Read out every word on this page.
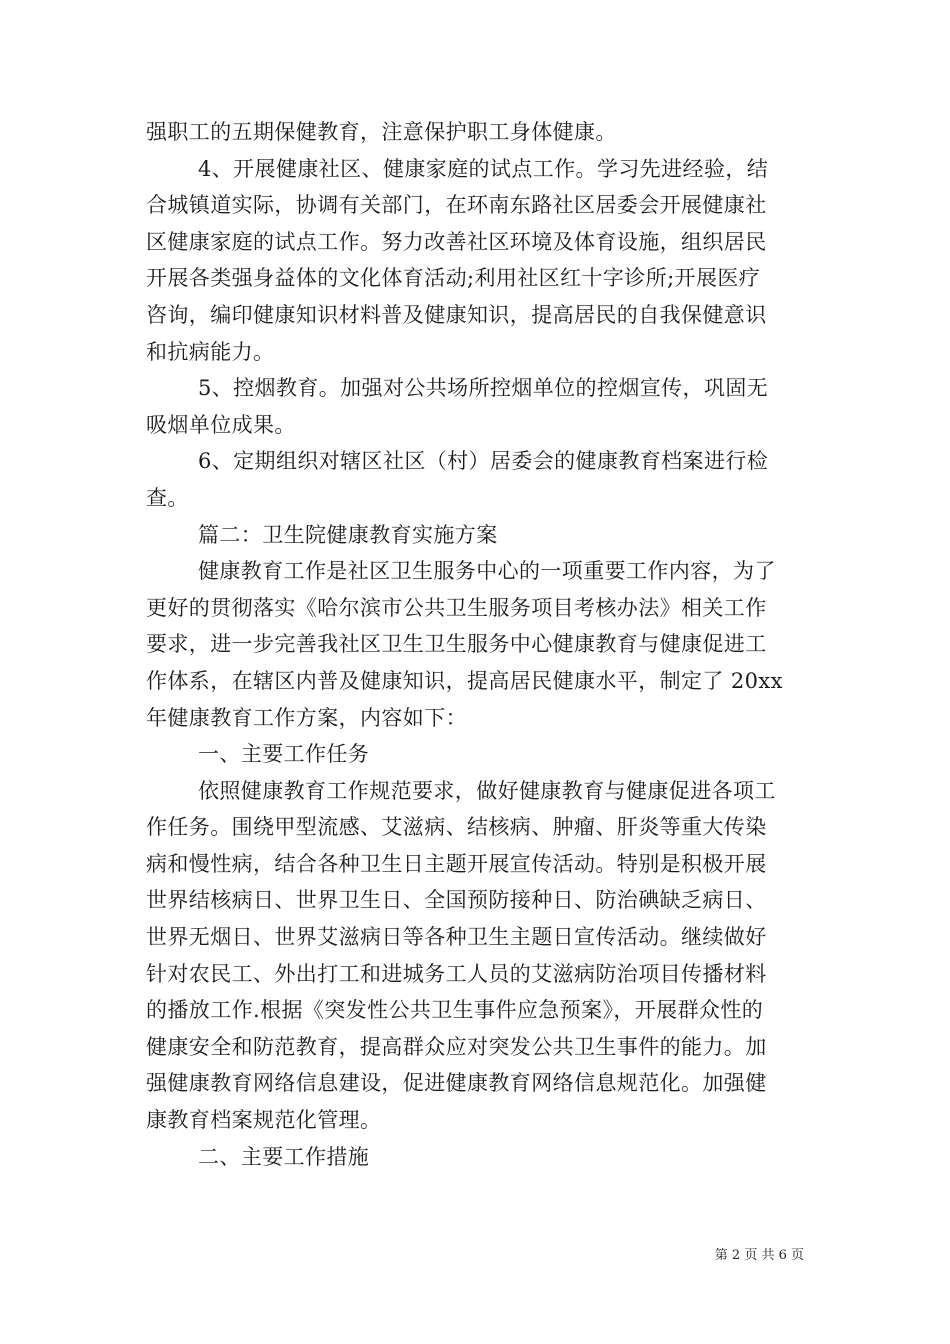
强职工的五期保健教育，注意保护职工身体健康。
4、开展健康社区、健康家庭的试点工作。学习先进经验，结
合城镇道实际，协调有关部门，在环南东路社区居委会开展健康社
区健康家庭的试点工作。努力改善社区环境及体育设施，组织居民
开展各类强身益体的文化体育活动;利用社区红十字诊所;开展医疗
咨询，编印健康知识材料普及健康知识，提高居民的自我保健意识
和抗病能力。
5、控烟教育。加强对公共场所控烟单位的控烟宣传，巩固无
吸烟单位成果。
6、定期组织对辖区社区（村）居委会的健康教育档案进行检
查。
篇二：卫生院健康教育实施方案
健康教育工作是社区卫生服务中心的一项重要工作内容，为了
更好的贯彻落实《哈尔滨市公共卫生服务项目考核办法》相关工作
要求，进一步完善我社区卫生卫生服务中心健康教育与健康促进工
作体系，在辖区内普及健康知识，提高居民健康水平，制定了 20xx
年健康教育工作方案，内容如下：
一、主要工作任务
依照健康教育工作规范要求，做好健康教育与健康促进各项工
作任务。围绕甲型流感、艾滋病、结核病、肿瘤、肝炎等重大传染
病和慢性病，结合各种卫生日主题开展宣传活动。特别是积极开展
世界结核病日、世界卫生日、全国预防接种日、防治碘缺乏病日、
世界无烟日、世界艾滋病日等各种卫生主题日宣传活动。继续做好
针对农民工、外出打工和进城务工人员的艾滋病防治项目传播材料
的播放工作.根据《突发性公共卫生事件应急预案》，开展群众性的
健康安全和防范教育，提高群众应对突发公共卫生事件的能力。加
强健康教育网络信息建设，促进健康教育网络信息规范化。加强健
康教育档案规范化管理。
二、主要工作措施
第 2 页 共 6 页
